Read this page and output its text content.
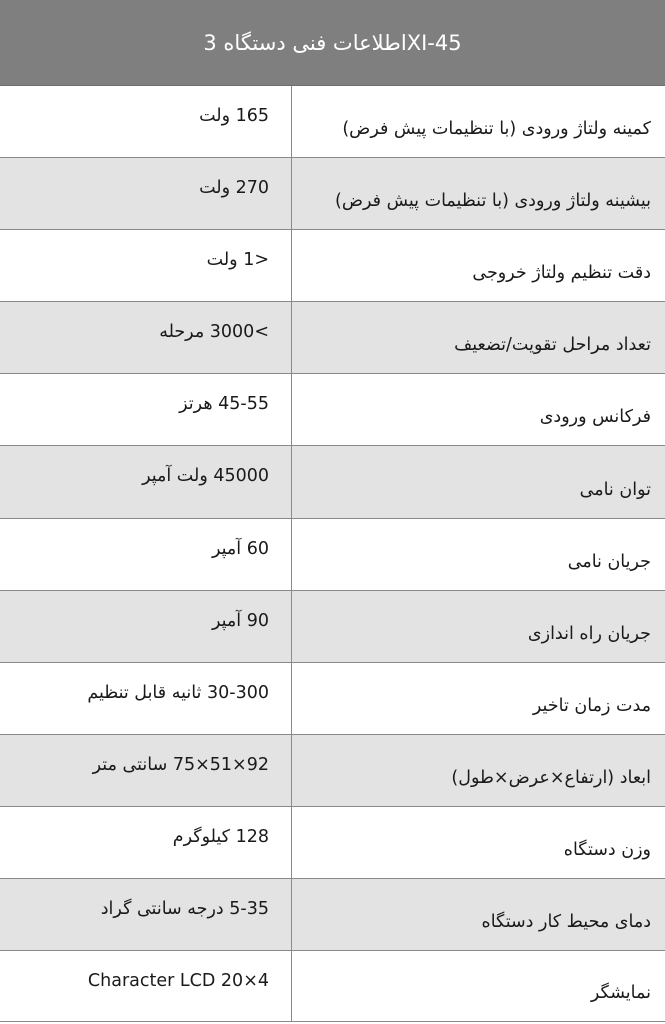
اطلاعات فنی دستگاه 3XI-45
کمینه ولتاژ ورودی (با تنظیمات پیش فرض)
165 ولت
بیشینه ولتاژ ورودی (با تنظیمات پیش فرض)
270 ولت
دقت تنظیم ولتاژ خروجی
<1 ولت
تعداد مراحل تقویت/تضعیف
>3000 مرحله
فرکانس ورودی
45-55 هرتز
توان نامی
45000 ولت آمپر
جریان نامی
60 آمپر
جریان راه اندازی
90 آمپر
مدت زمان تاخیر
30-300 ثانیه قابل تنظیم
ابعاد (ارتفاع×عرض×طول)
92×51×75 سانتی متر
وزن دستگاه
128 کیلوگرم
دمای محیط کار دستگاه
5-35 درجه سانتی گراد
نمایشگر
4×20 Character LCD
